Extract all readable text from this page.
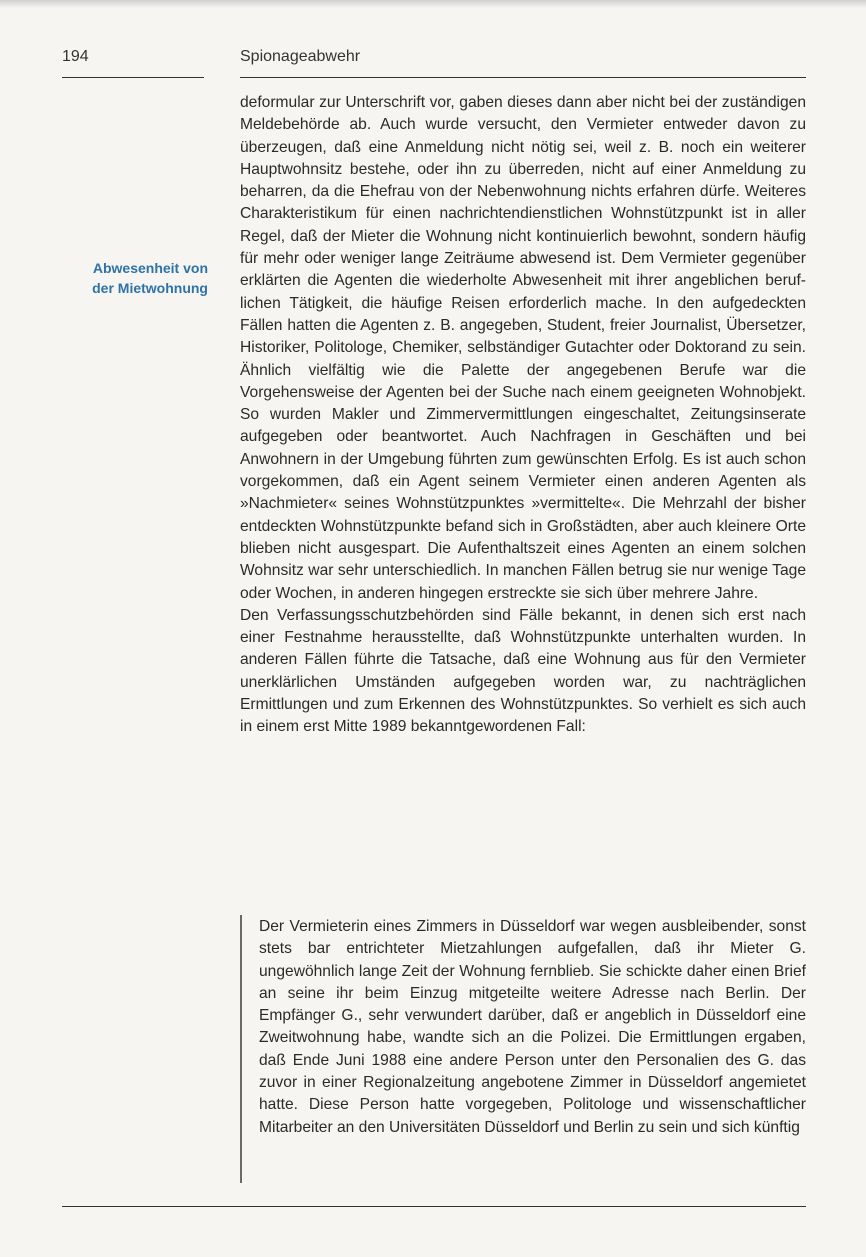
194	Spionageabwehr
Abwesenheit von
der Mietwohnung

deformular zur Unterschrift vor, gaben dieses dann aber nicht bei der zuständigen Meldebehörde ab. Auch wurde versucht, den Vermieter entweder davon zu überzeugen, daß eine Anmeldung nicht nötig sei, weil z. B. noch ein weiterer Hauptwohnsitz bestehe, oder ihn zu überreden, nicht auf einer Anmeldung zu beharren, da die Ehefrau von der Nebenwohnung nichts erfahren dürfe. Weiteres Charakteristikum für einen nachrichtendienstlichen Wohnstützpunkt ist in aller Regel, daß der Mieter die Wohnung nicht kontinuierlich bewohnt, sondern häufig für mehr oder weniger lange Zeiträume abwesend ist. Dem Vermieter gegenüber erklärten die Agenten die wiederholte Abwesenheit mit ihrer angeblichen beruflichen Tätigkeit, die häufige Reisen erforderlich mache. In den aufgedeckten Fällen hatten die Agenten z. B. angegeben, Student, freier Journalist, Übersetzer, Historiker, Politologe, Chemiker, selbständiger Gutachter oder Doktorand zu sein. Ähnlich vielfältig wie die Palette der angegebenen Berufe war die Vorgehensweise der Agenten bei der Suche nach einem geeigneten Wohnobjekt. So wurden Makler und Zimmervermittlungen eingeschaltet, Zeitungsinserate aufgegeben oder beantwortet. Auch Nachfragen in Geschäften und bei Anwohnern in der Umgebung führten zum gewünschten Erfolg. Es ist auch schon vorgekommen, daß ein Agent seinem Vermieter einen anderen Agenten als »Nachmieter« seines Wohnstützpunktes »vermittelte«. Die Mehrzahl der bisher entdeckten Wohnstützpunkte befand sich in Großstädten, aber auch kleinere Orte blieben nicht ausgespart. Die Aufenthaltszeit eines Agenten an einem solchen Wohnsitz war sehr unterschiedlich. In manchen Fällen betrug sie nur wenige Tage oder Wochen, in anderen hingegen erstreckte sie sich über mehrere Jahre.

Den Verfassungsschutzbehörden sind Fälle bekannt, in denen sich erst nach einer Festnahme herausstellte, daß Wohnstützpunkte unterhalten wurden. In anderen Fällen führte die Tatsache, daß eine Wohnung aus für den Vermieter unerklärlichen Umständen aufgegeben worden war, zu nachträglichen Ermittlungen und zum Erkennen des Wohnstützpunktes. So verhielt es sich auch in einem erst Mitte 1989 bekanntgewordenen Fall:

Der Vermieterin eines Zimmers in Düsseldorf war wegen ausbleibender, sonst stets bar entrichteter Mietzahlungen aufgefallen, daß ihr Mieter G. ungewöhnlich lange Zeit der Wohnung fernblieb. Sie schickte daher einen Brief an seine ihr beim Einzug mitgeteilte weitere Adresse nach Berlin. Der Empfänger G., sehr verwundert darüber, daß er angeblich in Düsseldorf eine Zweitwohnung habe, wandte sich an die Polizei. Die Ermittlungen ergaben, daß Ende Juni 1988 eine andere Person unter den Personalien des G. das zuvor in einer Regionalzeitung angebotene Zimmer in Düsseldorf angemietet hatte. Diese Person hatte vorgegeben, Politologe und wissenschaftlicher Mitarbeiter an den Universitäten Düsseldorf und Berlin zu sein und sich künftig
